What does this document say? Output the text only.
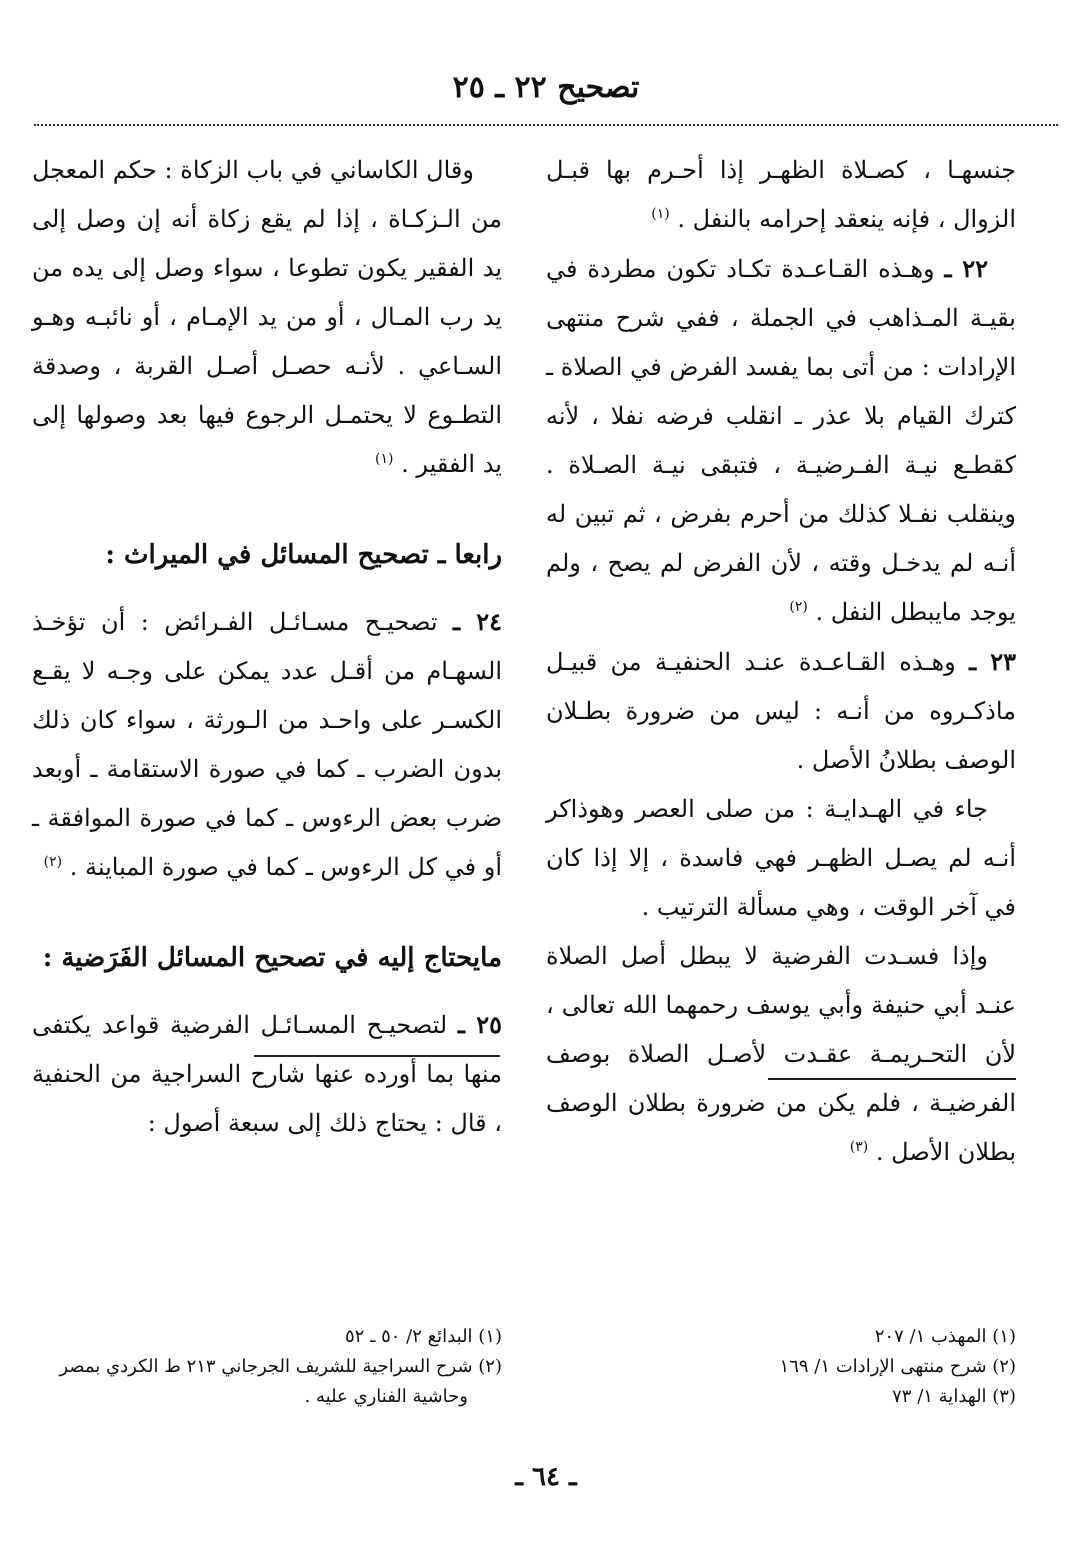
تصحيح ٢٢ ـ ٢٥

جنسهـا ، كصـلاة الظهـر إذا أحـرم بها قبـل الزوال ، فإنه ينعقد إحرامه بالنفل . $^{(١)}$

٢٢ ـ وهـذه القـاعـدة تكـاد تكون مطردة في بقيـة المـذاهب في الجملة ، ففي شرح منتهى الإرادات : من أتى بما يفسد الفرض في الصلاة ـ كترك القيام بلا عذر ـ انقلب فرضه نفلا ، لأنه كقطـع نيـة الفـرضيـة ، فتبقى نيـة الصـلاة . وينقلب نفـلا كذلك من أحرم بفرض ، ثم تبين له أنـه لم يدخـل وقته ، لأن الفرض لم يصح ، ولم يوجد مايبطل النفل . $^{(٢)}$

٢٣ ـ وهـذه القـاعـدة عنـد الحنفيـة من قبيـل ماذكـروه من أنـه : ليس من ضرورة بطـلان الوصف بطلانُ الأصل .

جاء في الهـدايـة : من صلى العصر وهوذاكر أنـه لم يصـل الظهـر فهي فاسدة ، إلا إذا كان في آخر الوقت ، وهي مسألة الترتيب .

وإذا فسـدت الفرضية لا يبطل أصل الصلاة عنـد أبي حنيفة وأبي يوسف رحمهما الله تعالى ، لأن التحـريمـة عقـدت لأصـل الصلاة بوصف الفرضيـة ، فلم يكن من ضرورة بطلان الوصف بطلان الأصل . $^{(٣)}$

وقال الكاساني في باب الزكاة : حكم المعجل من الـزكـاة ، إذا لم يقع زكاة أنه إن وصل إلى يد الفقير يكون تطوعا ، سواء وصل إلى يده من يد رب المـال ، أو من يد الإمـام ، أو نائبـه وهـو السـاعي . لأنـه حصـل أصـل القربة ، وصدقة التطـوع لا يحتمـل الرجوع فيها بعد وصولها إلى يد الفقير . $^{(١)}$

رابعا ـ تصحيح المسائل في الميراث :

٢٤ ـ تصحيـح مسـائـل الفـرائض : أن تؤخـذ السهـام من أقـل عدد يمكن على وجـه لا يقـع الكسـر على واحـد من الـورثة ، سواء كان ذلك بدون الضرب ـ كما في صورة الاستقامة ـ أوبعد ضرب بعض الرءوس ـ كما في صورة الموافقة ـ أو في كل الرءوس ـ كما في صورة المباينة . $^{(٢)}$

مايحتاج إليه في تصحيح المسائل الفَرَضية :

٢٥ ـ لتصحيـح المسـائـل الفرضية قواعد يكتفى منها بما أورده عنها شارح السراجية من الحنفية ، قال : يحتاج ذلك إلى سبعة أصول :

(١) المهذب ١/ ٢٠٧
(٢) شرح منتهى الإرادات ١/ ١٦٩
(٣) الهداية ١/ ٧٣
(١) البدائع ٢/ ٥٠ ـ ٥٢
(٢) شرح السراجية للشريف الجرجاني ٢١٣ ط الكردي بمصر
وحاشية الفناري عليه .
ـ ٦٤ ـ
